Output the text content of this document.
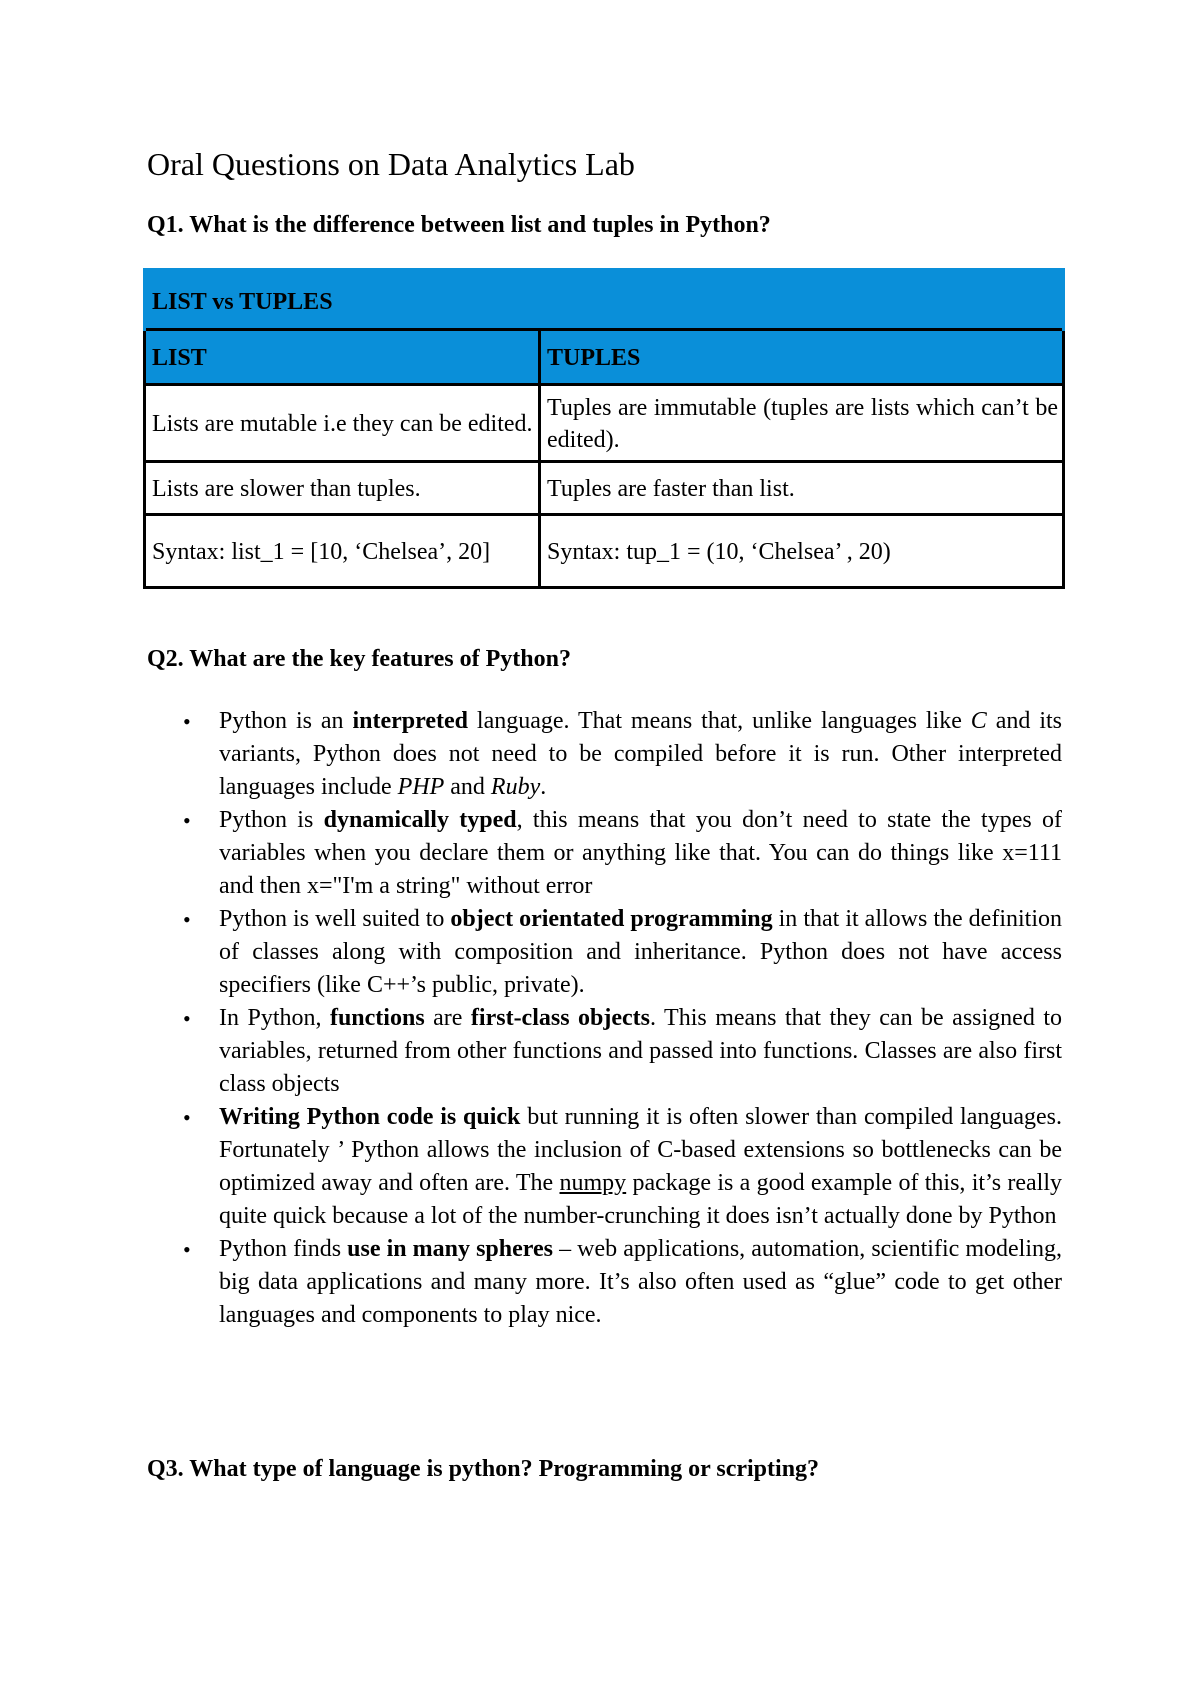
Oral Questions on Data Analytics Lab

Q1. What is the difference between list and tuples in Python?

LIST vs TUPLES	
LIST	TUPLES
Lists are mutable i.e they can be edited.	Tuples are immutable (tuples are lists which can’t be edited).
Lists are slower than tuples.	Tuples are faster than list.
Syntax: list_1 = [10, ‘Chelsea’, 20]	Syntax: tup_1 = (10, ‘Chelsea’ , 20)

Q2. What are the key features of Python?

• Python is an interpreted language. That means that, unlike languages like C and its variants, Python does not need to be compiled before it is run. Other interpreted languages include PHP and Ruby.
• Python is dynamically typed, this means that you don’t need to state the types of variables when you declare them or anything like that. You can do things like x=111 and then x="I'm a string" without error
• Python is well suited to object orientated programming in that it allows the definition of classes along with composition and inheritance. Python does not have access specifiers (like C++’s public, private).
• In Python, functions are first-class objects. This means that they can be assigned to variables, returned from other functions and passed into functions. Classes are also first class objects
• Writing Python code is quick but running it is often slower than compiled languages. Fortunately ’ Python allows the inclusion of C-based extensions so bottlenecks can be optimized away and often are. The numpy package is a good example of this, it’s really quite quick because a lot of the number-crunching it does isn’t actually done by Python
• Python finds use in many spheres – web applications, automation, scientific modeling, big data applications and many more. It’s also often used as “glue” code to get other languages and components to play nice.

Q3. What type of language is python? Programming or scripting?
